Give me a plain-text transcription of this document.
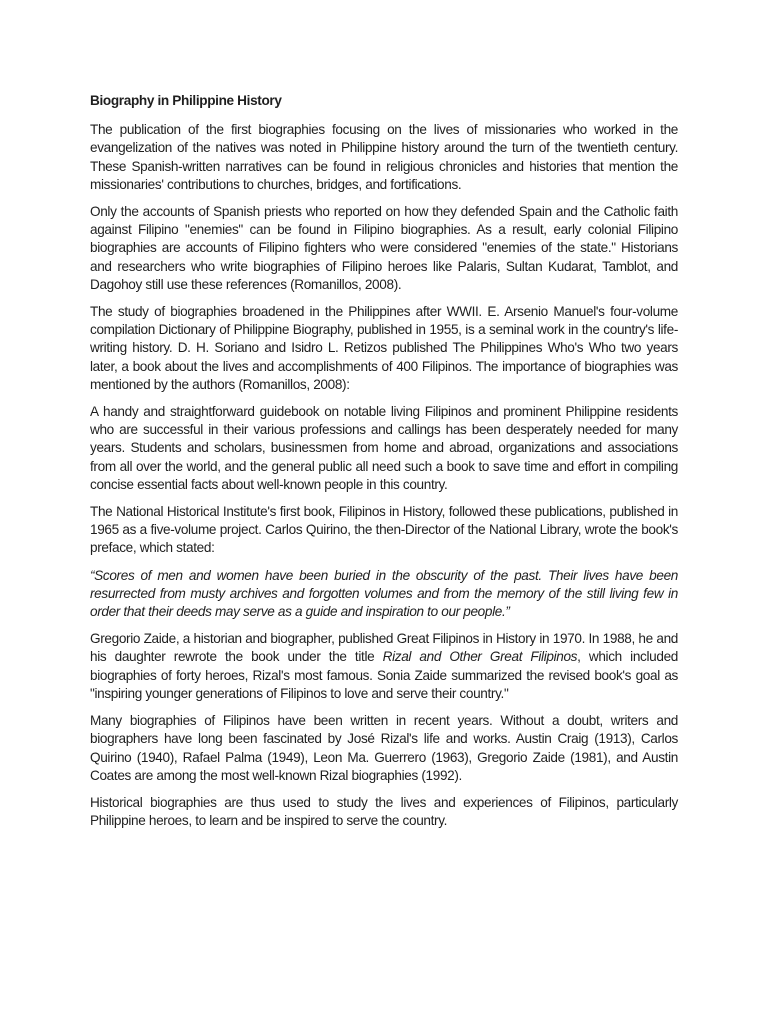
Biography in Philippine History

The publication of the first biographies focusing on the lives of missionaries who worked in the evangelization of the natives was noted in Philippine history around the turn of the twentieth century. These Spanish-written narratives can be found in religious chronicles and histories that mention the missionaries' contributions to churches, bridges, and fortifications.

Only the accounts of Spanish priests who reported on how they defended Spain and the Catholic faith against Filipino "enemies" can be found in Filipino biographies. As a result, early colonial Filipino biographies are accounts of Filipino fighters who were considered "enemies of the state." Historians and researchers who write biographies of Filipino heroes like Palaris, Sultan Kudarat, Tamblot, and Dagohoy still use these references (Romanillos, 2008).

The study of biographies broadened in the Philippines after WWII. E. Arsenio Manuel's four-volume compilation Dictionary of Philippine Biography, published in 1955, is a seminal work in the country's life-writing history. D. H. Soriano and Isidro L. Retizos published The Philippines Who's Who two years later, a book about the lives and accomplishments of 400 Filipinos. The importance of biographies was mentioned by the authors (Romanillos, 2008):

A handy and straightforward guidebook on notable living Filipinos and prominent Philippine residents who are successful in their various professions and callings has been desperately needed for many years. Students and scholars, businessmen from home and abroad, organizations and associations from all over the world, and the general public all need such a book to save time and effort in compiling concise essential facts about well-known people in this country.

The National Historical Institute's first book, Filipinos in History, followed these publications, published in 1965 as a five-volume project. Carlos Quirino, the then-Director of the National Library, wrote the book's preface, which stated:

“Scores of men and women have been buried in the obscurity of the past. Their lives have been resurrected from musty archives and forgotten volumes and from the memory of the still living few in order that their deeds may serve as a guide and inspiration to our people.”

Gregorio Zaide, a historian and biographer, published Great Filipinos in History in 1970. In 1988, he and his daughter rewrote the book under the title Rizal and Other Great Filipinos, which included biographies of forty heroes, Rizal's most famous. Sonia Zaide summarized the revised book's goal as "inspiring younger generations of Filipinos to love and serve their country."

Many biographies of Filipinos have been written in recent years. Without a doubt, writers and biographers have long been fascinated by José Rizal's life and works. Austin Craig (1913), Carlos Quirino (1940), Rafael Palma (1949), Leon Ma. Guerrero (1963), Gregorio Zaide (1981), and Austin Coates are among the most well-known Rizal biographies (1992).

Historical biographies are thus used to study the lives and experiences of Filipinos, particularly Philippine heroes, to learn and be inspired to serve the country.
